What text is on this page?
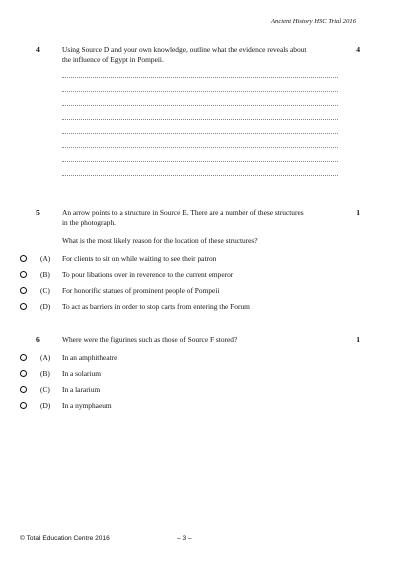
Ancient History HSC Trial 2016
4	Using Source D and your own knowledge, outline what the evidence reveals about
the influence of Egypt in Pompeii.
4
5	An arrow points to a structure in Source E. There are a number of these structures
in the photograph.
1
What is the most likely reason for the location of these structures?
(A)	For clients to sit on while waiting to see their patron
(B)	To pour libations over in reverence to the current emperor
(C)	For honorific statues of prominent people of Pompeii
(D)	To act as barriers in order to stop carts from entering the Forum
6	Where were the figurines such as those of Source F stored?	1
(A)	In an amphitheatre
(B)	In a solarium
(C)	In a lararium
(D)	In a nymphaeum
© Total Education Centre 2016	– 3 –
